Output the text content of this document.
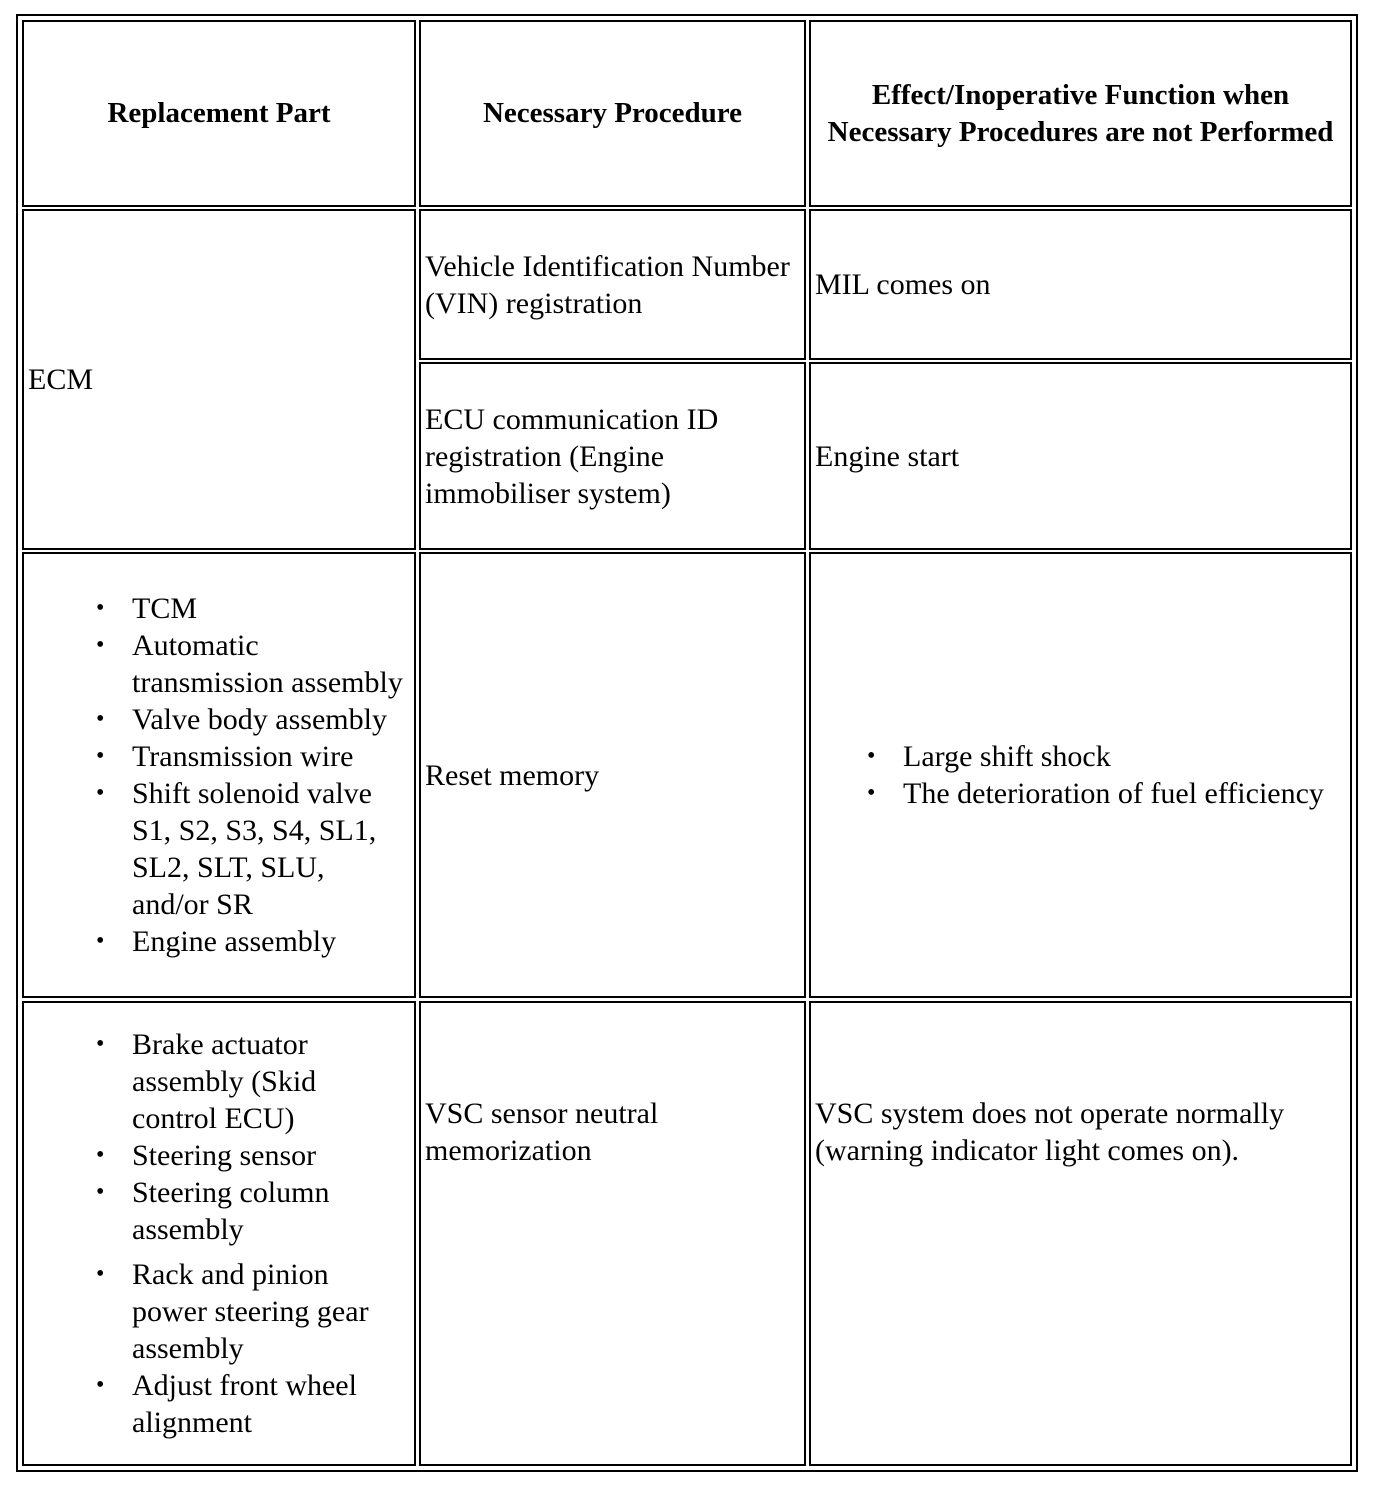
Replacement Part	Necessary Procedure
Effect/Inoperative Function when Necessary Procedures are not Performed
ECM
Vehicle Identification Number (VIN) registration
MIL comes on
ECU communication ID registration (Engine immobiliser system)
Engine start
• TCM
• Automatic transmission assembly
• Valve body assembly
• Transmission wire
• Shift solenoid valve S1, S2, S3, S4, SL1, SL2, SLT, SLU, and/or SR
• Engine assembly
Reset memory
• Large shift shock
• The deterioration of fuel efficiency
• Brake actuator assembly (Skid control ECU)
• Steering sensor
• Steering column assembly
• Rack and pinion power steering gear assembly
• Adjust front wheel alignment
VSC sensor neutral memorization
VSC system does not operate normally (warning indicator light comes on).
